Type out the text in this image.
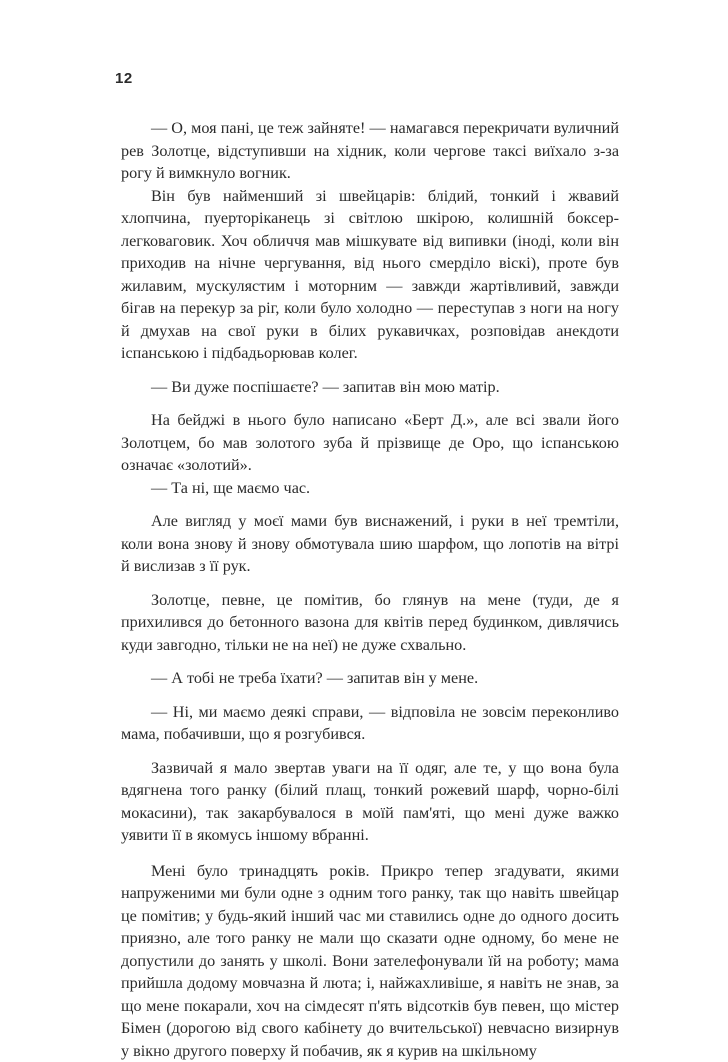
12

— О, моя пані, це теж зайняте! — намагався перекричати вуличний рев Золотце, відступивши на хідник, коли чергове таксі виїхало з-за рогу й вимкнуло вогник.

Він був найменший зі швейцарів: блідий, тонкий і жвавий хлопчина, пуерторіканець зі світлою шкірою, колишній боксер-легковаговик. Хоч обличчя мав мішкувате від випивки (іноді, коли він приходив на нічне чергування, від нього смерділо віскі), проте був жилавим, мускулястим і моторним — завжди жартівливий, завжди бігав на перекур за ріг, коли було холодно — переступав з ноги на ногу й дмухав на свої руки в білих рукавичках, розповідав анекдоти іспанською і підбадьорював колег.

— Ви дуже поспішаєте? — запитав він мою матір.

На бейджі в нього було написано «Берт Д.», але всі звали його Золотцем, бо мав золотого зуба й прізвище де Оро, що іспанською означає «золотий».

— Та ні, ще маємо час.

Але вигляд у моєї мами був виснажений, і руки в неї тремтіли, коли вона знову й знову обмотувала шию шарфом, що лопотів на вітрі й вислизав з її рук.

Золотце, певне, це помітив, бо глянув на мене (туди, де я прихилився до бетонного вазона для квітів перед будинком, дивлячись куди завгодно, тільки не на неї) не дуже схвально.

— А тобі не треба їхати? — запитав він у мене.

— Ні, ми маємо деякі справи, — відповіла не зовсім переконливо мама, побачивши, що я розгубився.

Зазвичай я мало звертав уваги на її одяг, але те, у що вона була вдягнена того ранку (білий плащ, тонкий рожевий шарф, чорно-білі мокасини), так закарбувалося в моїй пам'яті, що мені дуже важко уявити її в якомусь іншому вбранні.

Мені було тринадцять років. Прикро тепер згадувати, якими напруженими ми були одне з одним того ранку, так що навіть швейцар це помітив; у будь-який інший час ми ставились одне до одного досить приязно, але того ранку не мали що сказати одне одному, бо мене не допустили до занять у школі. Вони зателефонували їй на роботу; мама прийшла додому мовчазна й люта; і, найжахливіше, я навіть не знав, за що мене покарали, хоч на сімдесят п'ять відсотків був певен, що містер Бімен (дорогою від свого кабінету до вчительської) невчасно визирнув у вікно другого поверху й побачив, як я курив на шкільному
